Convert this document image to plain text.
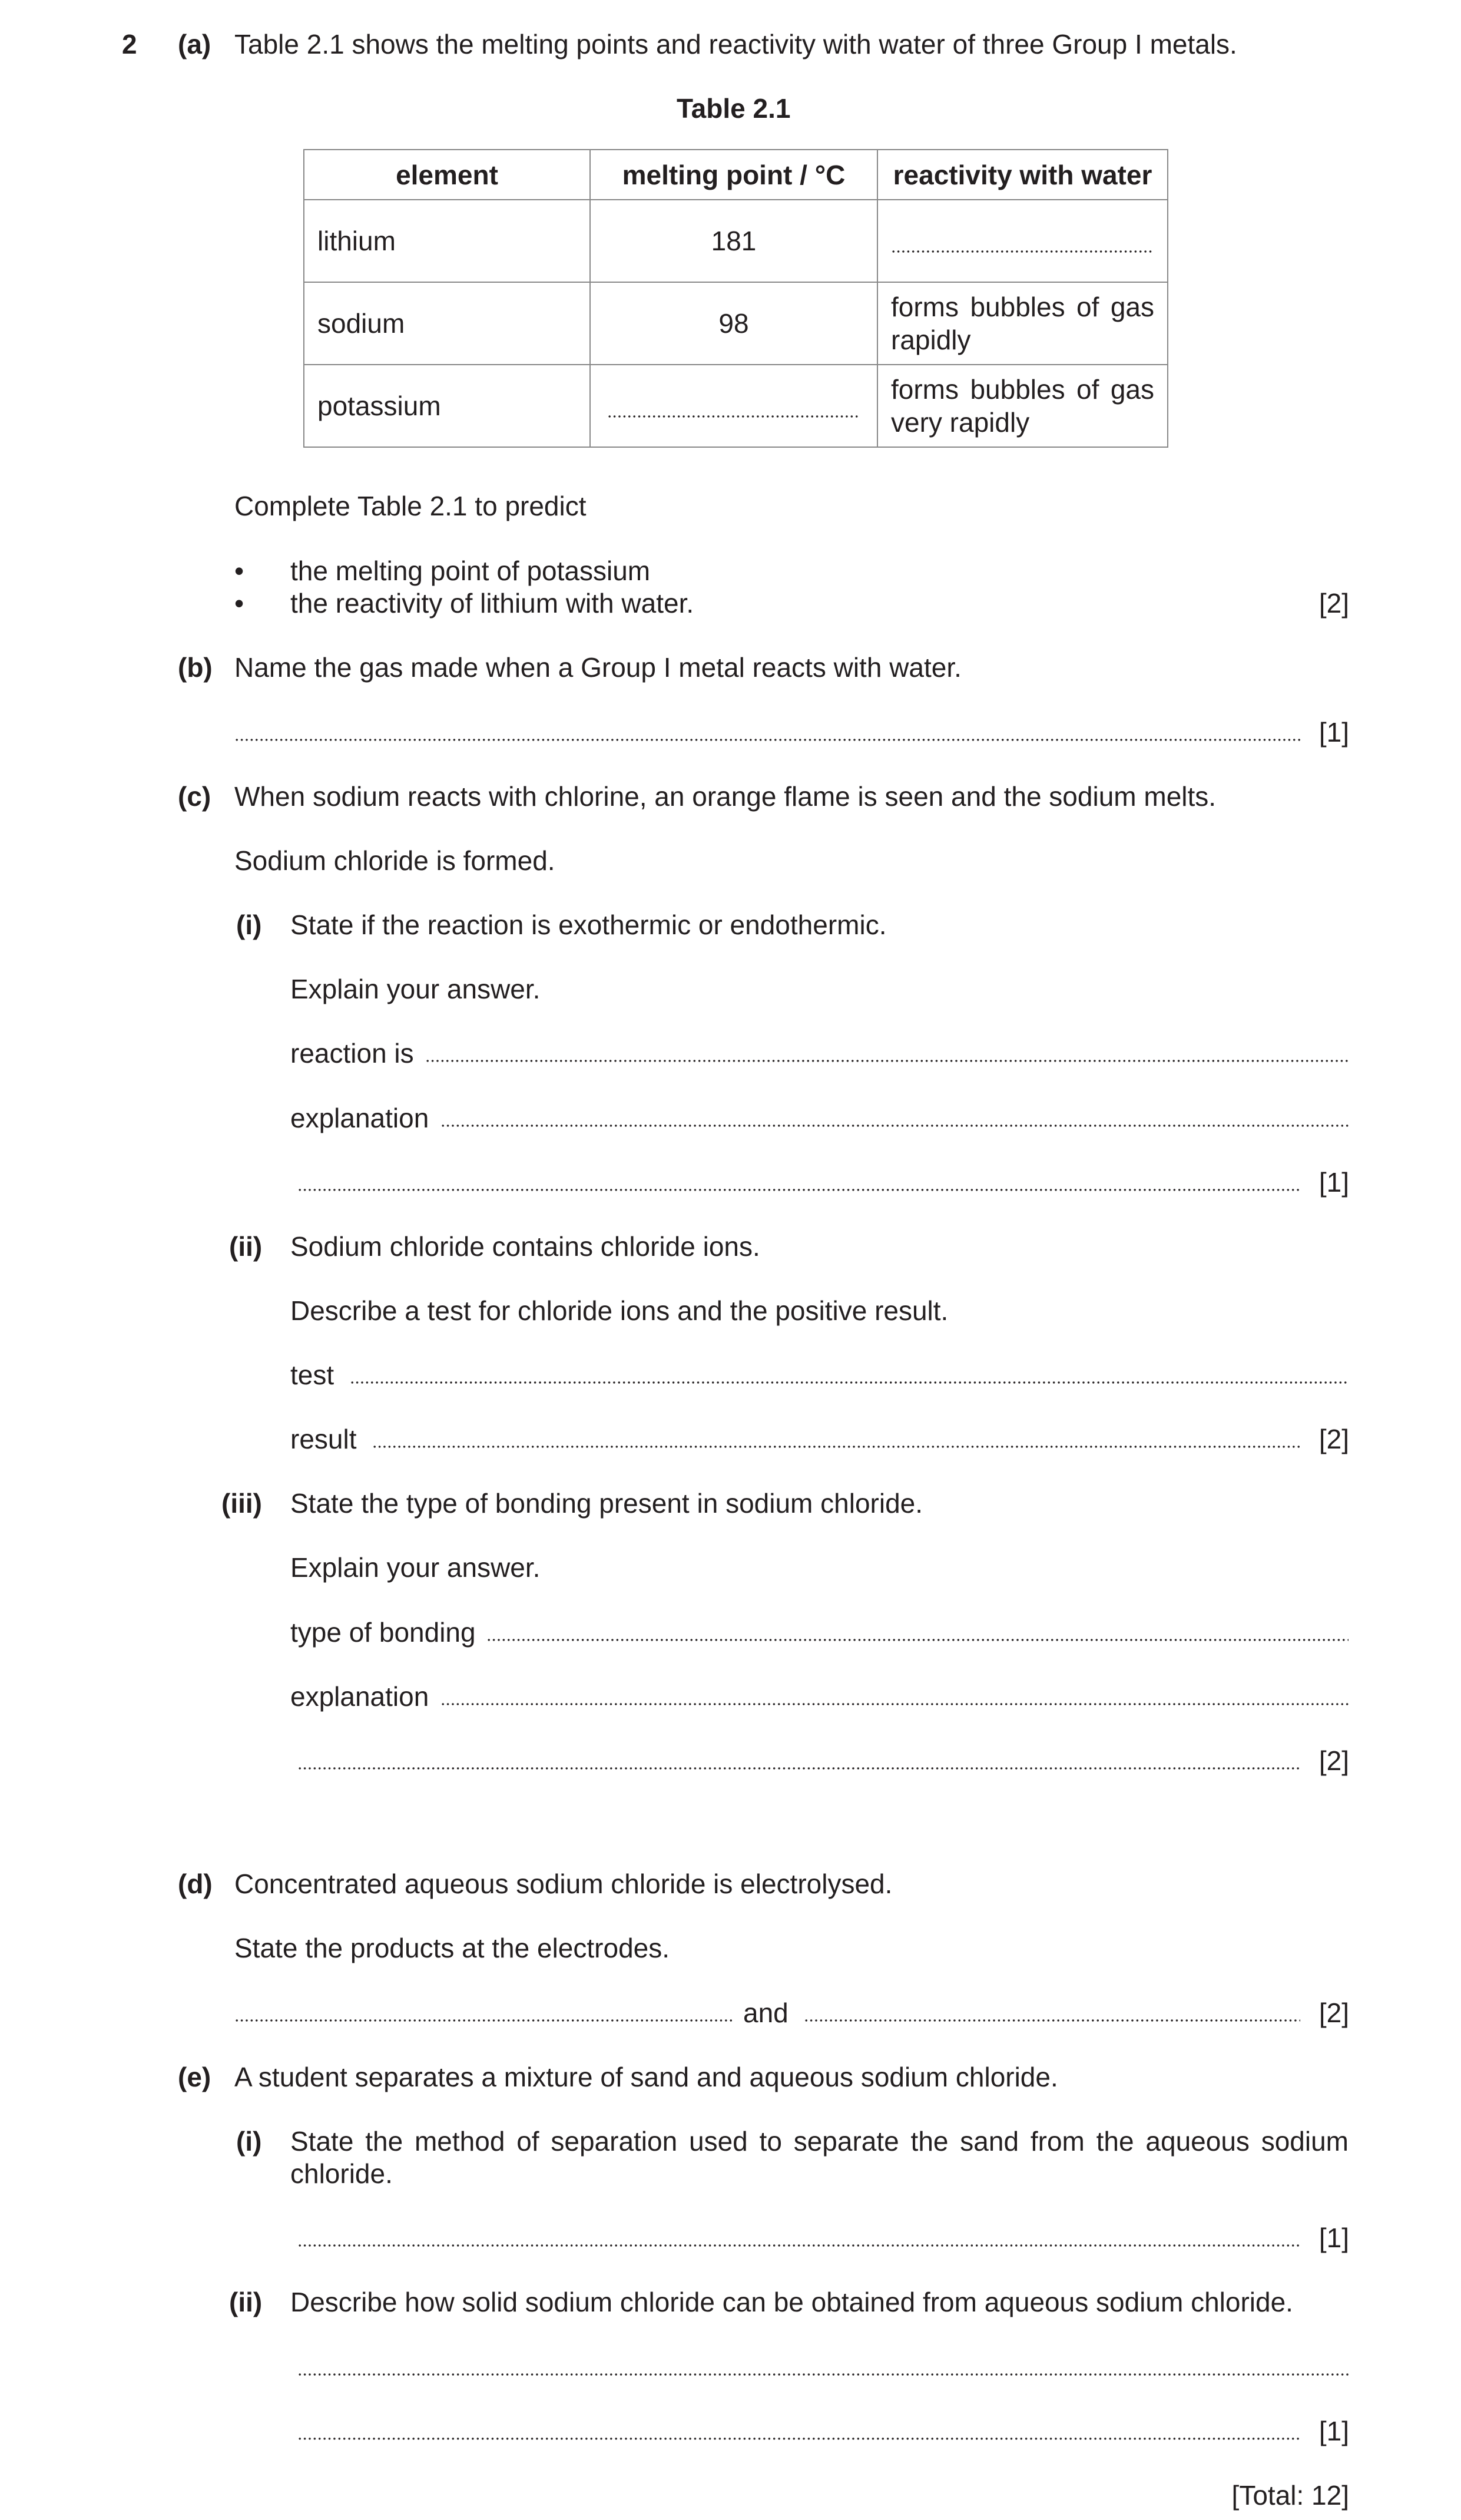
2 (a) Table 2.1 shows the melting points and reactivity with water of three Group I metals.
Table 2.1
element	melting point / °C	reactivity with water
lithium	181	

sodium	98	forms bubbles of gas
rapidly

potassium		forms bubbles of gas
very rapidly
Complete Table 2.1 to predict
• the melting point of potassium
• the reactivity of lithium with water.	[2]
(b) Name the gas made when a Group I metal reacts with water.
[1]
(c) When sodium reacts with chlorine, an orange flame is seen and the sodium melts.
Sodium chloride is formed.
(i) State if the reaction is exothermic or endothermic.
Explain your answer.
reaction is
explanation
[1]
(ii) Sodium chloride contains chloride ions.
Describe a test for chloride ions and the positive result.
test
result	[2]
(iii) State the type of bonding present in sodium chloride.
Explain your answer.
type of bonding
explanation
[2]
(d) Concentrated aqueous sodium chloride is electrolysed.
State the products at the electrodes.
and	[2]
(e) A student separates a mixture of sand and aqueous sodium chloride.
(i) State the method of separation used to separate the sand from the aqueous sodium
chloride.
[1]
(ii) Describe how solid sodium chloride can be obtained from aqueous sodium chloride.
[1]
[Total: 12]
